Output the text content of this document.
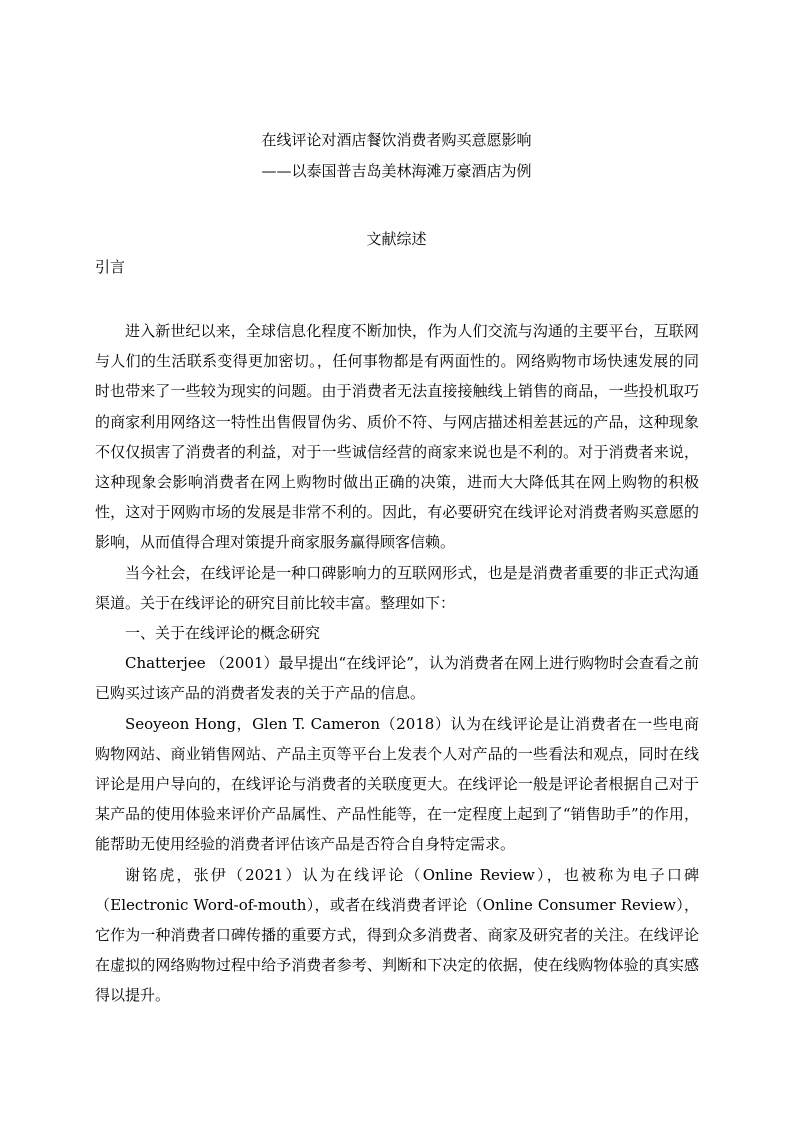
在线评论对酒店餐饮消费者购买意愿影响
——以泰国普吉岛美林海滩万豪酒店为例
文献综述
引言

进入新世纪以来，全球信息化程度不断加快，作为人们交流与沟通的主要平台，互联网与人们的生活联系变得更加密切。，任何事物都是有两面性的。网络购物市场快速发展的同时也带来了一些较为现实的问题。由于消费者无法直接接触线上销售的商品，一些投机取巧的商家利用网络这一特性出售假冒伪劣、质价不符、与网店描述相差甚远的产品，这种现象不仅仅损害了消费者的利益，对于一些诚信经营的商家来说也是不利的。对于消费者来说，这种现象会影响消费者在网上购物时做出正确的决策，进而大大降低其在网上购物的积极性，这对于网购市场的发展是非常不利的。因此，有必要研究在线评论对消费者购买意愿的影响，从而值得合理对策提升商家服务赢得顾客信赖。

当今社会，在线评论是一种口碑影响力的互联网形式，也是是消费者重要的非正式沟通渠道。关于在线评论的研究目前比较丰富。整理如下：

一、关于在线评论的概念研究

Chatterjee （2001）最早提出“在线评论”，认为消费者在网上进行购物时会查看之前已购买过该产品的消费者发表的关于产品的信息。

Seoyeon Hong，Glen T. Cameron（2018）认为在线评论是让消费者在一些电商购物网站、商业销售网站、产品主页等平台上发表个人对产品的一些看法和观点，同时在线评论是用户导向的，在线评论与消费者的关联度更大。在线评论一般是评论者根据自己对于某产品的使用体验来评价产品属性、产品性能等，在一定程度上起到了“销售助手”的作用，能帮助无使用经验的消费者评估该产品是否符合自身特定需求。

谢铭虎，张伊（2021）认为在线评论（Online Review），也被称为电子口碑（Electronic Word-of-mouth），或者在线消费者评论（Online Consumer Review），它作为一种消费者口碑传播的重要方式，得到众多消费者、商家及研究者的关注。在线评论在虚拟的网络购物过程中给予消费者参考、判断和下决定的依据，使在线购物体验的真实感得以提升。
